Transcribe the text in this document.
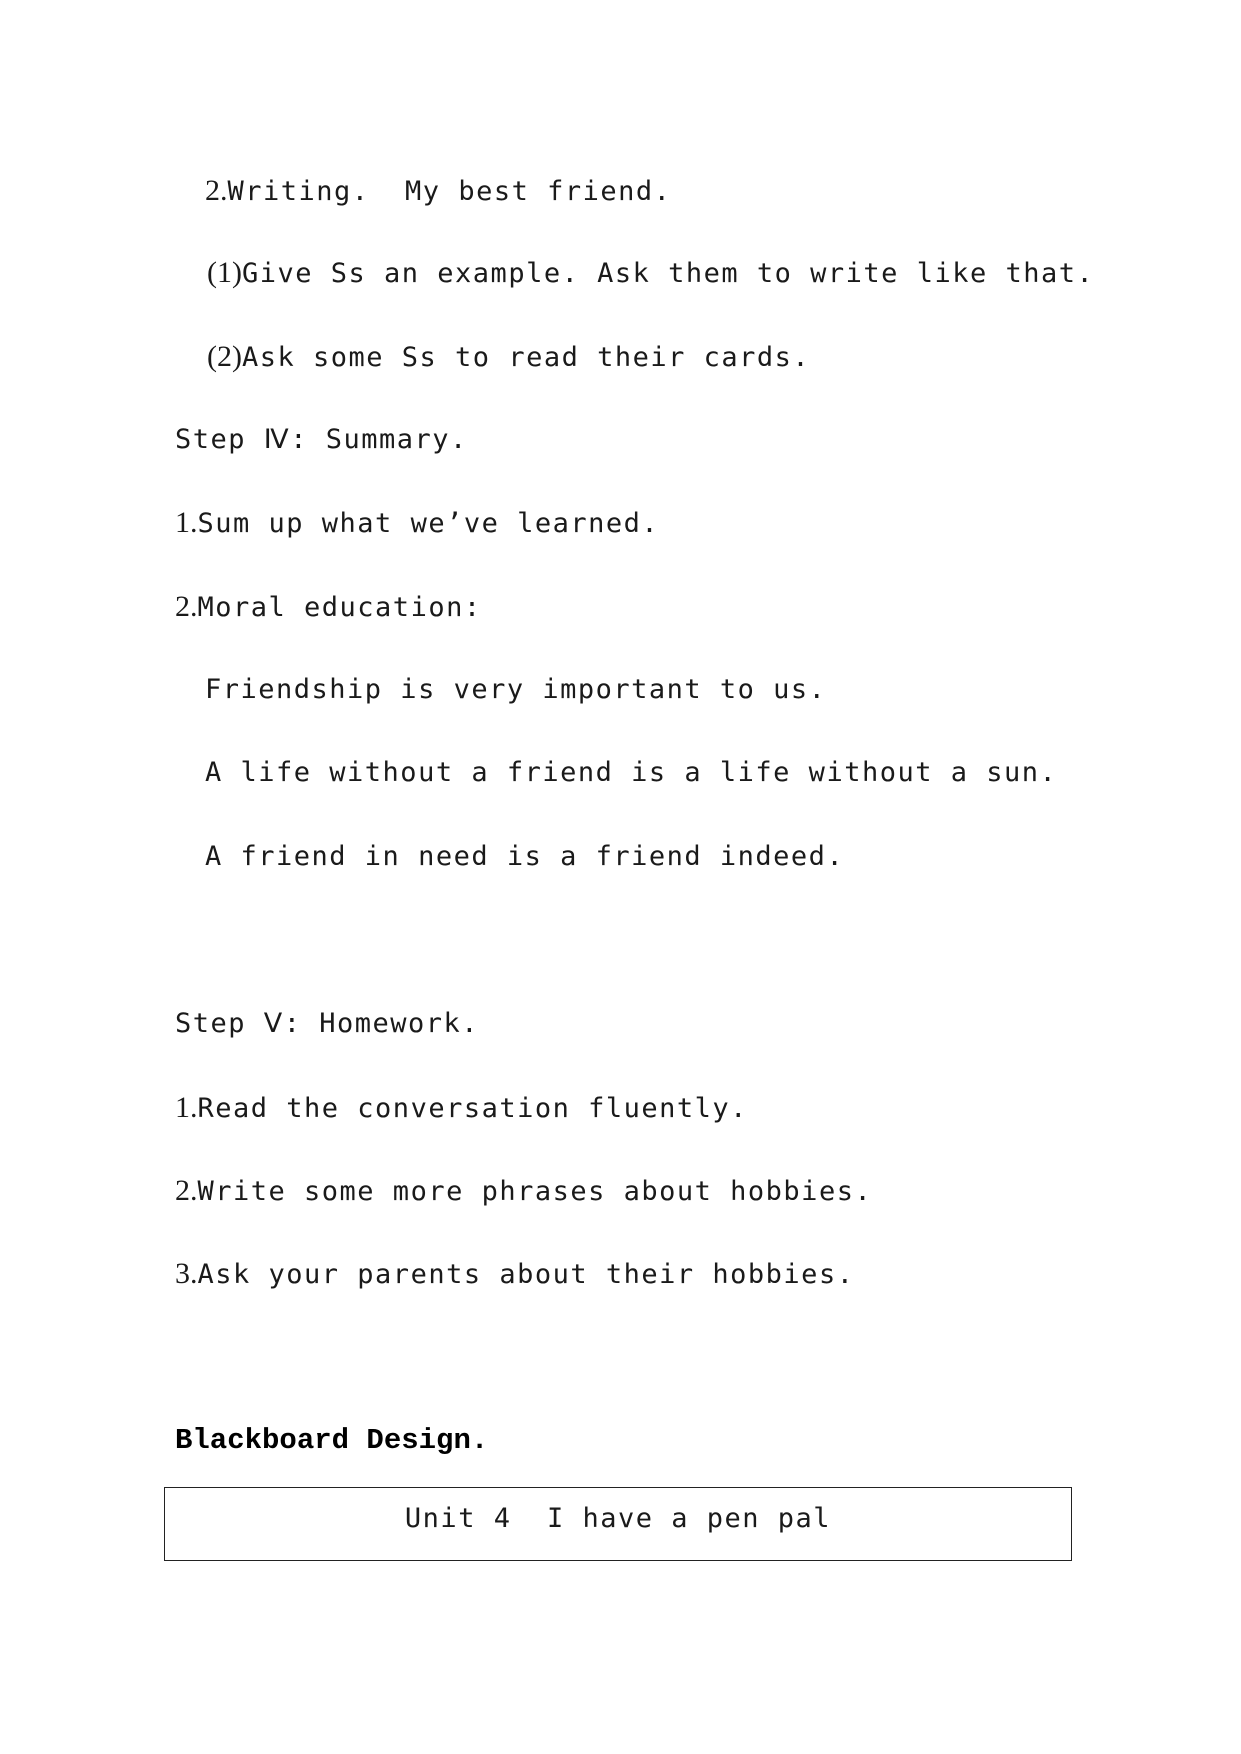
2.Writing.  My best friend.
(1)Give Ss an example. Ask them to write like that.
(2)Ask some Ss to read their cards.
Step Ⅳ: Summary.
1.Sum up what we’ve learned.
2.Moral education:
Friendship is very important to us.
A life without a friend is a life without a sun.
A friend in need is a friend indeed.
Step Ⅴ: Homework.
1.Read the conversation fluently.
2.Write some more phrases about hobbies.
3.Ask your parents about their hobbies.
Blackboard Design.
Unit 4  I have a pen pal
